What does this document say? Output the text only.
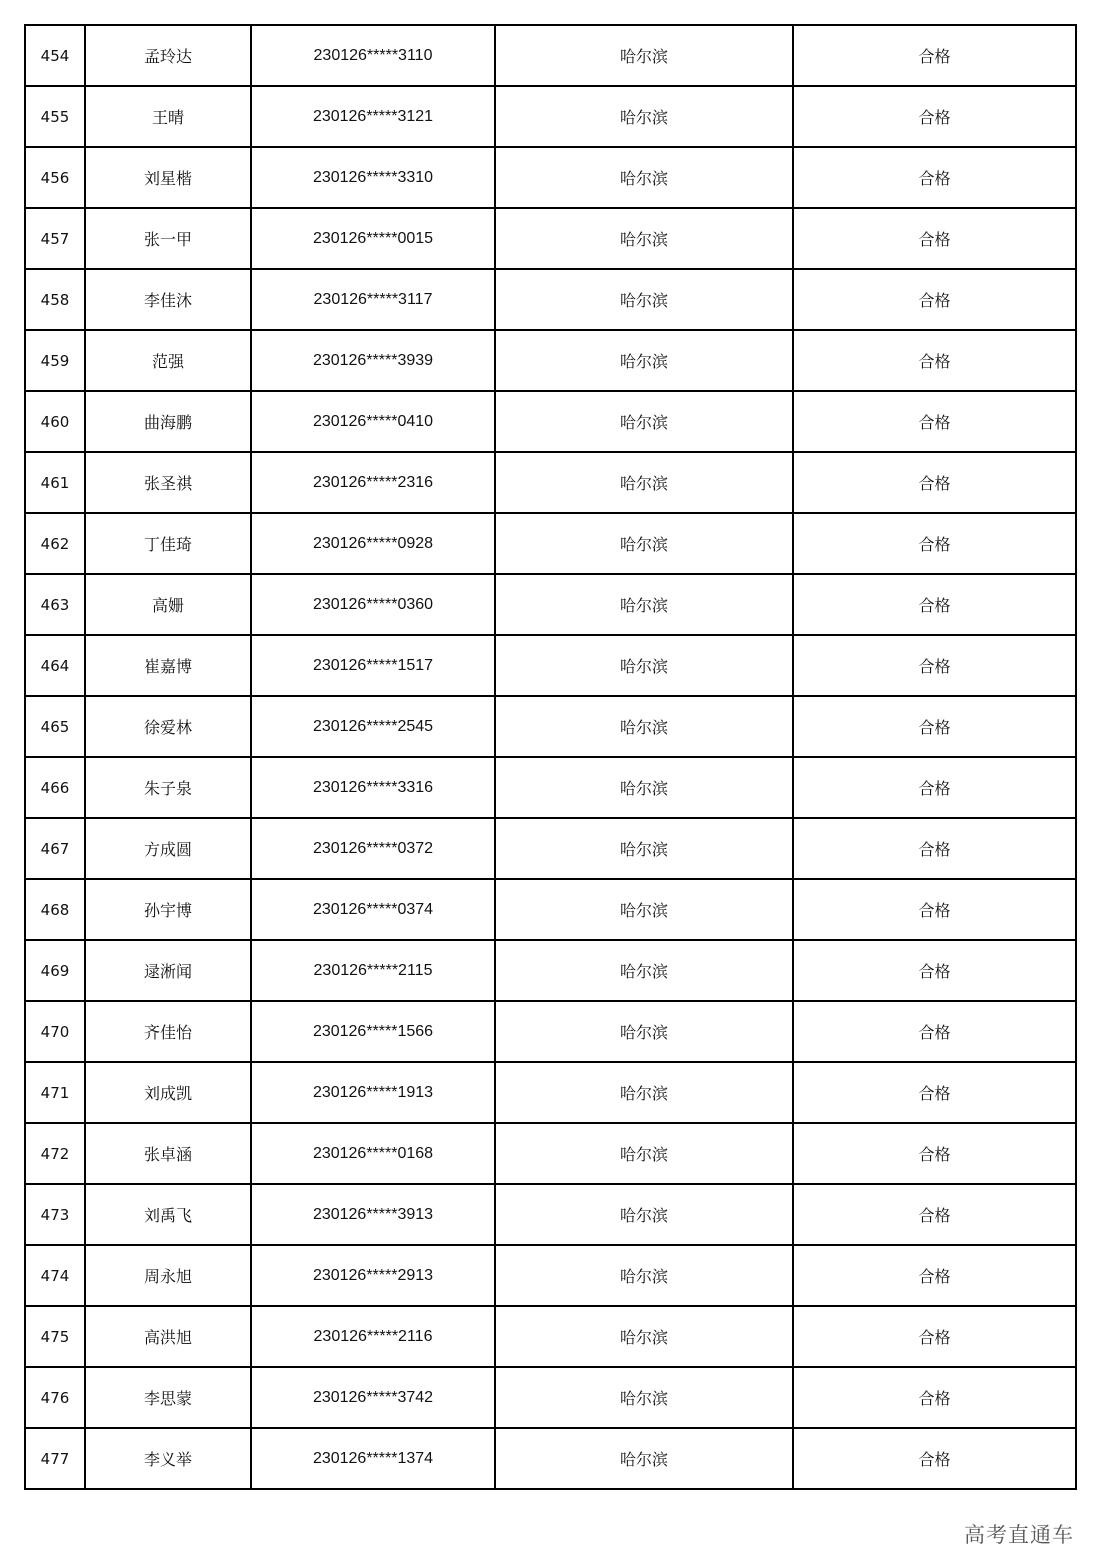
454	孟玲达	230126*****3110	哈尔滨	合格
455	王晴	230126*****3121	哈尔滨	合格
456	刘星楷	230126*****3310	哈尔滨	合格
457	张一甲	230126*****0015	哈尔滨	合格
458	李佳沐	230126*****3117	哈尔滨	合格
459	范强	230126*****3939	哈尔滨	合格
460	曲海鹏	230126*****0410	哈尔滨	合格
461	张圣祺	230126*****2316	哈尔滨	合格
462	丁佳琦	230126*****0928	哈尔滨	合格
463	高姗	230126*****0360	哈尔滨	合格
464	崔嘉博	230126*****1517	哈尔滨	合格
465	徐爱林	230126*****2545	哈尔滨	合格
466	朱子泉	230126*****3316	哈尔滨	合格
467	方成圆	230126*****0372	哈尔滨	合格
468	孙宇博	230126*****0374	哈尔滨	合格
469	逯淅闻	230126*****2115	哈尔滨	合格
470	齐佳怡	230126*****1566	哈尔滨	合格
471	刘成凯	230126*****1913	哈尔滨	合格
472	张卓涵	230126*****0168	哈尔滨	合格
473	刘禹飞	230126*****3913	哈尔滨	合格
474	周永旭	230126*****2913	哈尔滨	合格
475	高洪旭	230126*****2116	哈尔滨	合格
476	李思蒙	230126*****3742	哈尔滨	合格
477	李义举	230126*****1374	哈尔滨	合格
高考直通车
